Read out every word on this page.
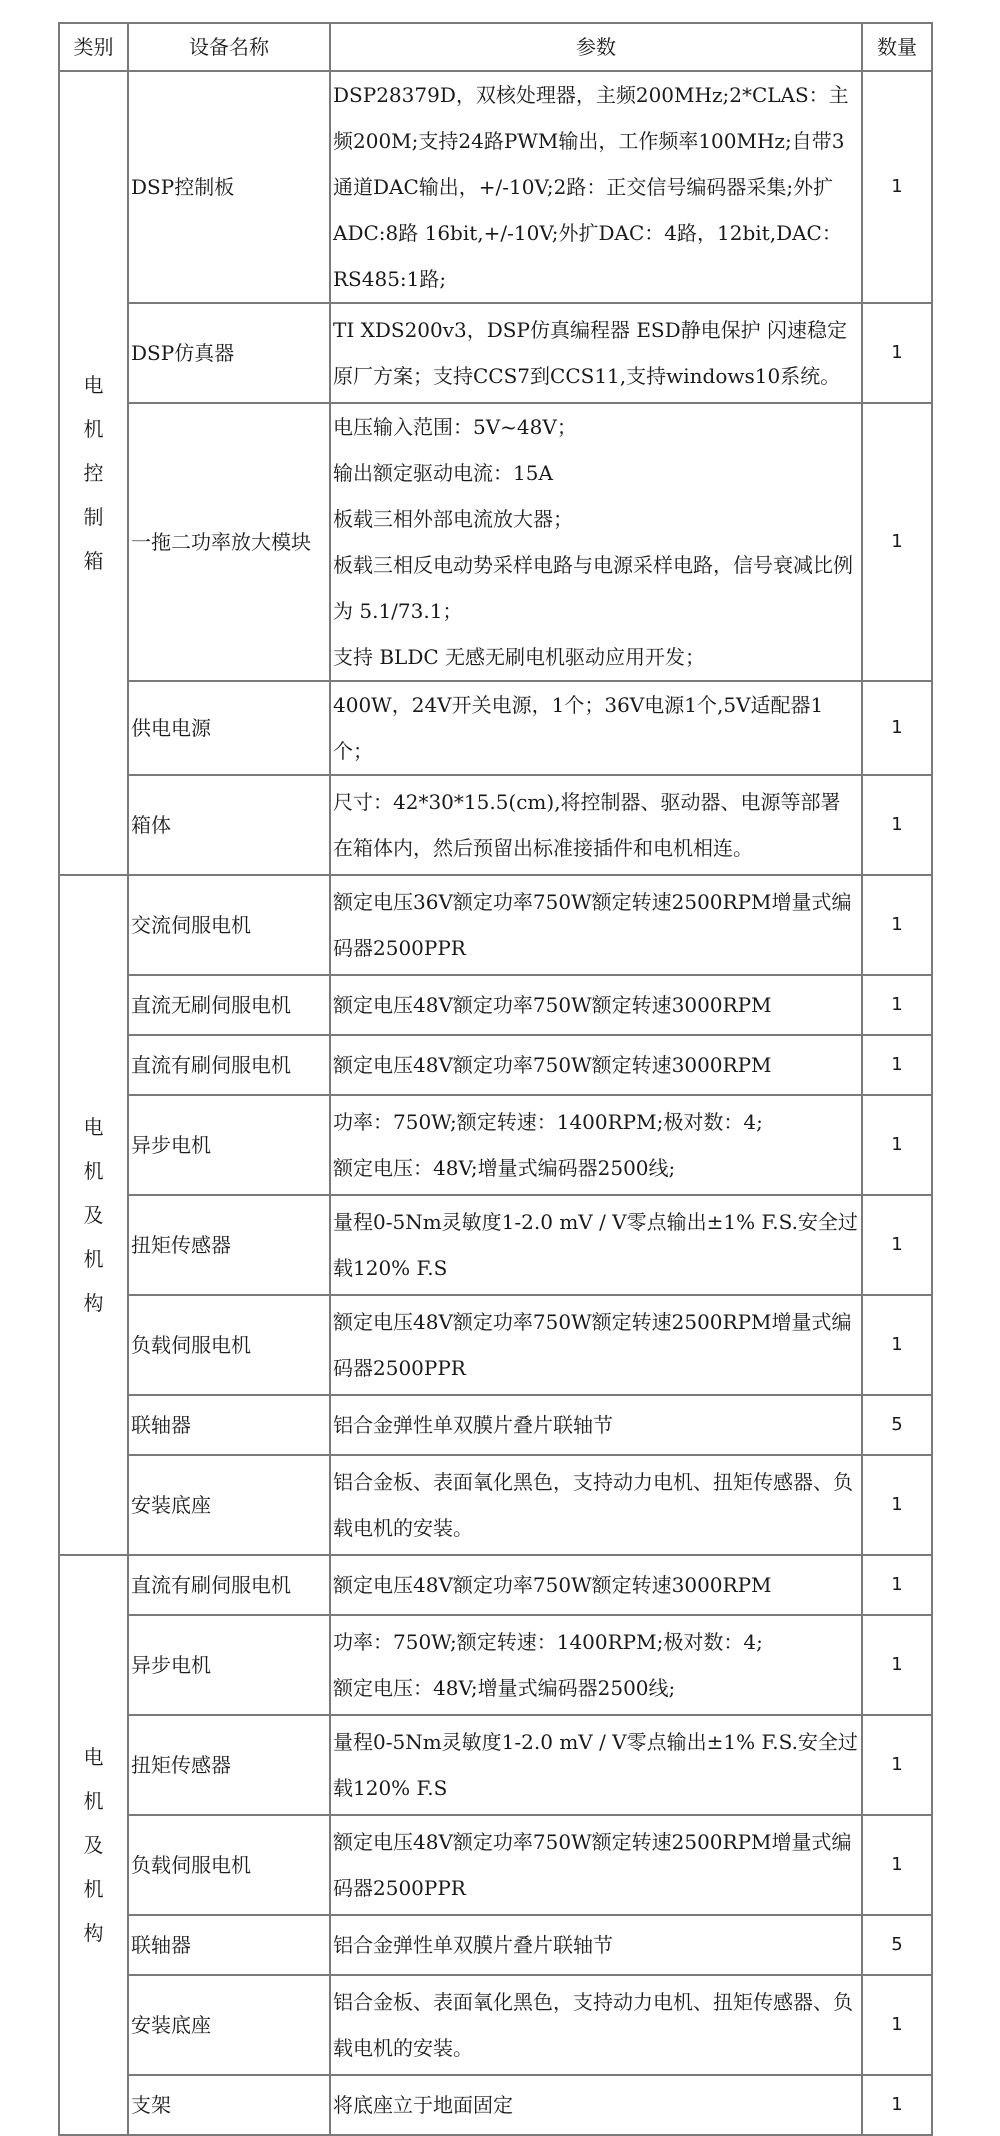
类别	设备名称	参数	数量
电机控制箱	DSP控制板	DSP28379D，双核处理器，主频200MHz;2*CLAS：主频200M;支持24路PWM输出，工作频率100MHz;自带3通道DAC输出，+/-10V;2路：正交信号编码器采集;外扩ADC:8路 16bit,+/-10V;外扩DAC：4路，12bit,DAC：RS485:1路;	1
	DSP仿真器	TI XDS200v3，DSP仿真编程器 ESD静电保护 闪速稳定 原厂方案；支持CCS7到CCS11,支持windows10系统。	1
	一拖二功率放大模块	电压输入范围：5V~48V；
输出额定驱动电流：15A
板载三相外部电流放大器；
板载三相反电动势采样电路与电源采样电路，信号衰减比例为 5.1/73.1；
支持 BLDC 无感无刷电机驱动应用开发；	1
	供电电源	400W，24V开关电源，1个；36V电源1个,5V适配器1个；	1
	箱体	尺寸：42*30*15.5(cm),将控制器、驱动器、电源等部署在箱体内，然后预留出标准接插件和电机相连。	1
电机及机构	交流伺服电机	额定电压36V额定功率750W额定转速2500RPM增量式编码器2500PPR	1
	直流无刷伺服电机	额定电压48V额定功率750W额定转速3000RPM	1
	直流有刷伺服电机	额定电压48V额定功率750W额定转速3000RPM	1
	异步电机	功率：750W;额定转速：1400RPM;极对数：4;
额定电压：48V;增量式编码器2500线;	1
	扭矩传感器	量程0-5Nm灵敏度1-2.0 mV / V零点输出±1% F.S.安全过载120% F.S	1
	负载伺服电机	额定电压48V额定功率750W额定转速2500RPM增量式编码器2500PPR	1
	联轴器	铝合金弹性单双膜片叠片联轴节	5
	安装底座	铝合金板、表面氧化黑色，支持动力电机、扭矩传感器、负载电机的安装。	1
电机及机构	直流有刷伺服电机	额定电压48V额定功率750W额定转速3000RPM	1
	异步电机	功率：750W;额定转速：1400RPM;极对数：4;
额定电压：48V;增量式编码器2500线;	1
	扭矩传感器	量程0-5Nm灵敏度1-2.0 mV / V零点输出±1% F.S.安全过载120% F.S	1
	负载伺服电机	额定电压48V额定功率750W额定转速2500RPM增量式编码器2500PPR	1
	联轴器	铝合金弹性单双膜片叠片联轴节	5
	安装底座	铝合金板、表面氧化黑色，支持动力电机、扭矩传感器、负载电机的安装。	1
	支架	将底座立于地面固定	1
